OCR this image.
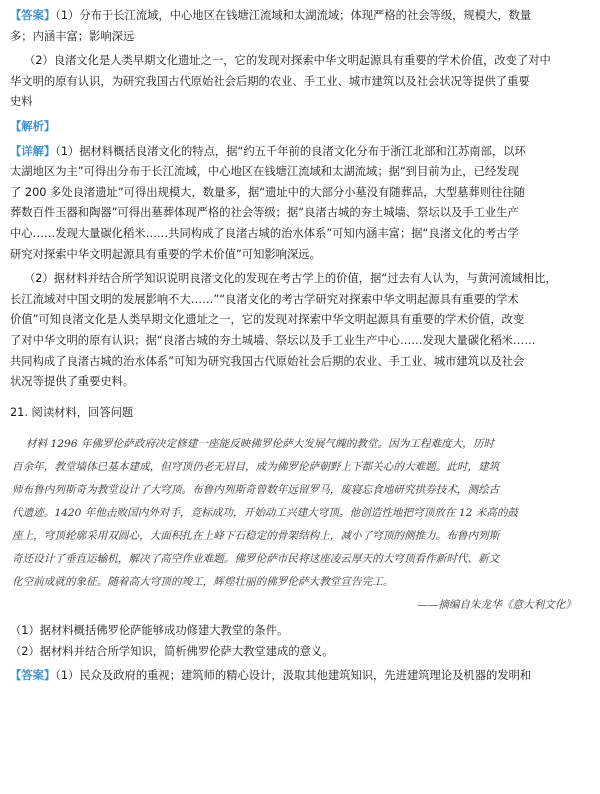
【答案】（1）分布于长江流域，中心地区在钱塘江流域和太湖流域；体现严格的社会等级，规模大，数量
多；内涵丰富；影响深远
（2）良渚文化是人类早期文化遗址之一，它的发现对探索中华文明起源具有重要的学术价值，改变了对中
华文明的原有认识，为研究我国古代原始社会后期的农业、手工业、城市建筑以及社会状况等提供了重要
史料
【解析】
【详解】（1）据材料概括良渚文化的特点，据“约五千年前的良渚文化分布于浙江北部和江苏南部，以环
太湖地区为主”可得出分布于长江流域，中心地区在钱塘江流域和太湖流域；据“到目前为止，已经发现
了 200 多处良渚遗址”可得出规模大，数量多，据“遗址中的大部分小墓没有随葬品，大型墓葬则往往随
葬数百件玉器和陶器”可得出墓葬体现严格的社会等级；据“良渚古城的夯土城墙、祭坛以及手工业生产
中心……发现大量碳化稻米……共同构成了良渚古城的治水体系”可知内涵丰富；据“良渚文化的考古学
研究对探索中华文明起源具有重要的学术价值”可知影响深远。
（2）据材料并结合所学知识说明良渚文化的发现在考古学上的价值，据“过去有人认为，与黄河流域相比，
长江流域对中国文明的发展影响不大……”“良渚文化的考古学研究对探索中华文明起源具有重要的学术
价值”可知良渚文化是人类早期文化遗址之一，它的发现对探索中华文明起源具有重要的学术价值，改变
了对中华文明的原有认识；据“良渚古城的夯土城墙、祭坛以及手工业生产中心……发现大量碳化稻米……
共同构成了良渚古城的治水体系”可知为研究我国古代原始社会后期的农业、手工业、城市建筑以及社会
状况等提供了重要史料。
21. 阅读材料，回答问题
材料 1296 年佛罗伦萨政府决定修建一座能反映佛罗伦萨大发展气魄的教堂。因为工程难度大，历时
百余年，教堂墙体已基本建成，但穹顶仍老无眉目，成为佛罗伦萨朝野上下都关心的大难题。此时，建筑
师布鲁内列斯奇为教堂设计了大穹顶。布鲁内列斯奇曾数年远留罗马，废寝忘食地研究拱券技术，测绘古
代遗迹。1420 年他击败国内外对手，竞标成功，开始动工兴建大穹顶。他创造性地把穹顶放在 12 米高的鼓
座上，穹顶轮廓采用双圆心，大面积扎在上峰下石稳定的骨架结构上，减小了穹顶的侧推力。布鲁内列斯
奇还设计了垂直运输机，解决了高空作业难题。佛罗伦萨市民将这座凌云厚天的大穹顶看作新时代、新文
化空前成就的象征。随着高大穹顶的竣工，辉煌壮丽的佛罗伦萨大教堂宣告完工。
——摘编自朱龙华《意大利文化》
（1）据材料概括佛罗伦萨能够成功修建大教堂的条件。
（2）据材料并结合所学知识，简析佛罗伦萨大教堂建成的意义。
【答案】（1）民众及政府的重视；建筑师的精心设计，汲取其他建筑知识，先进建筑理论及机器的发明和
